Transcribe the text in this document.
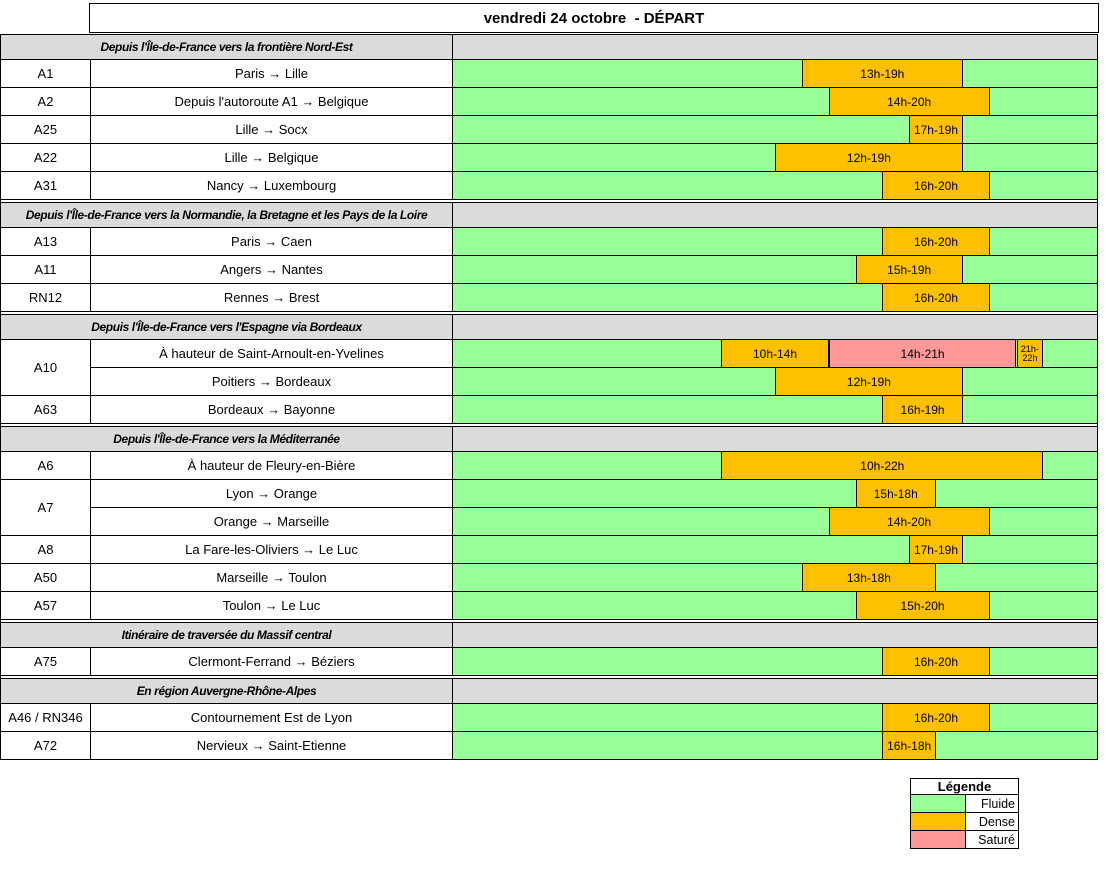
vendredi 24 octobre  - DÉPART
Depuis l'Île-de-France vers la frontière Nord-Est
A1	Paris → Lille	13h-19h
A2	Depuis l'autoroute A1 → Belgique	14h-20h
A25	Lille → Socx	17h-19h
A22	Lille → Belgique	12h-19h
A31	Nancy → Luxembourg	16h-20h
Depuis l'Île-de-France vers la Normandie, la Bretagne et les Pays de la Loire
A13	Paris → Caen	16h-20h
A11	Angers → Nantes	15h-19h
RN12	Rennes → Brest	16h-20h
Depuis l'Île-de-France vers l'Espagne via Bordeaux
A10
À hauteur de Saint-Arnoult-en-Yvelines	10h-14h	14h-21h	21h-22h
Poitiers → Bordeaux	12h-19h
A63	Bordeaux → Bayonne	16h-19h
Depuis l'Île-de-France vers la Méditerranée
A6	À hauteur de Fleury-en-Bière	10h-22h
A7
Lyon → Orange	15h-18h
Orange → Marseille	14h-20h
A8	La Fare-les-Oliviers → Le Luc	17h-19h
A50	Marseille → Toulon	13h-18h
A57	Toulon → Le Luc	15h-20h
Itinéraire de traversée du Massif central
A75	Clermont-Ferrand → Béziers	16h-20h
En région Auvergne-Rhône-Alpes
A46 / RN346	Contournement Est de Lyon	16h-20h
A72	Nervieux → Saint-Etienne	16h-18h
Légende
Fluide
Dense
Saturé
